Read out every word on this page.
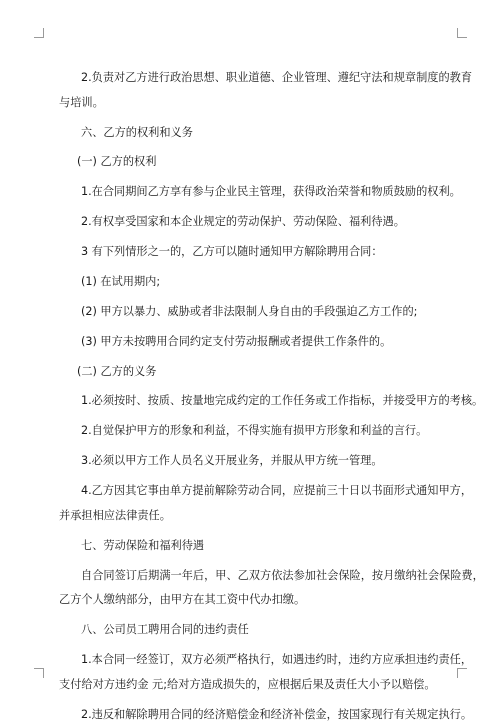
2.负责对乙方进行政治思想、职业道德、企业管理、遵纪守法和规章制度的教育
与培训。
六、乙方的权利和义务
(一) 乙方的权利
1.在合同期间乙方享有参与企业民主管理，获得政治荣誉和物质鼓励的权利。
2.有权享受国家和本企业规定的劳动保护、劳动保险、福利待遇。
3 有下列情形之一的，乙方可以随时通知甲方解除聘用合同：
(1) 在试用期内;
(2) 甲方以暴力、威胁或者非法限制人身自由的手段强迫乙方工作的;
(3) 甲方未按聘用合同约定支付劳动报酬或者提供工作条件的。
(二) 乙方的义务
1.必须按时、按质、按量地完成约定的工作任务或工作指标，并接受甲方的考核。
2.自觉保护甲方的形象和利益，不得实施有损甲方形象和利益的言行。
3.必须以甲方工作人员名义开展业务，并服从甲方统一管理。
4.乙方因其它事由单方提前解除劳动合同，应提前三十日以书面形式通知甲方，
并承担相应法律责任。
七、劳动保险和福利待遇
自合同签订后期满一年后，甲、乙双方依法参加社会保险，按月缴纳社会保险费，
乙方个人缴纳部分，由甲方在其工资中代办扣缴。
八、公司员工聘用合同的违约责任
1.本合同一经签订，双方必须严格执行，如遇违约时，违约方应承担违约责任，
支付给对方违约金 元;给对方造成损失的，应根据后果及责任大小予以赔偿。
2.违反和解除聘用合同的经济赔偿金和经济补偿金，按国家现行有关规定执行。
